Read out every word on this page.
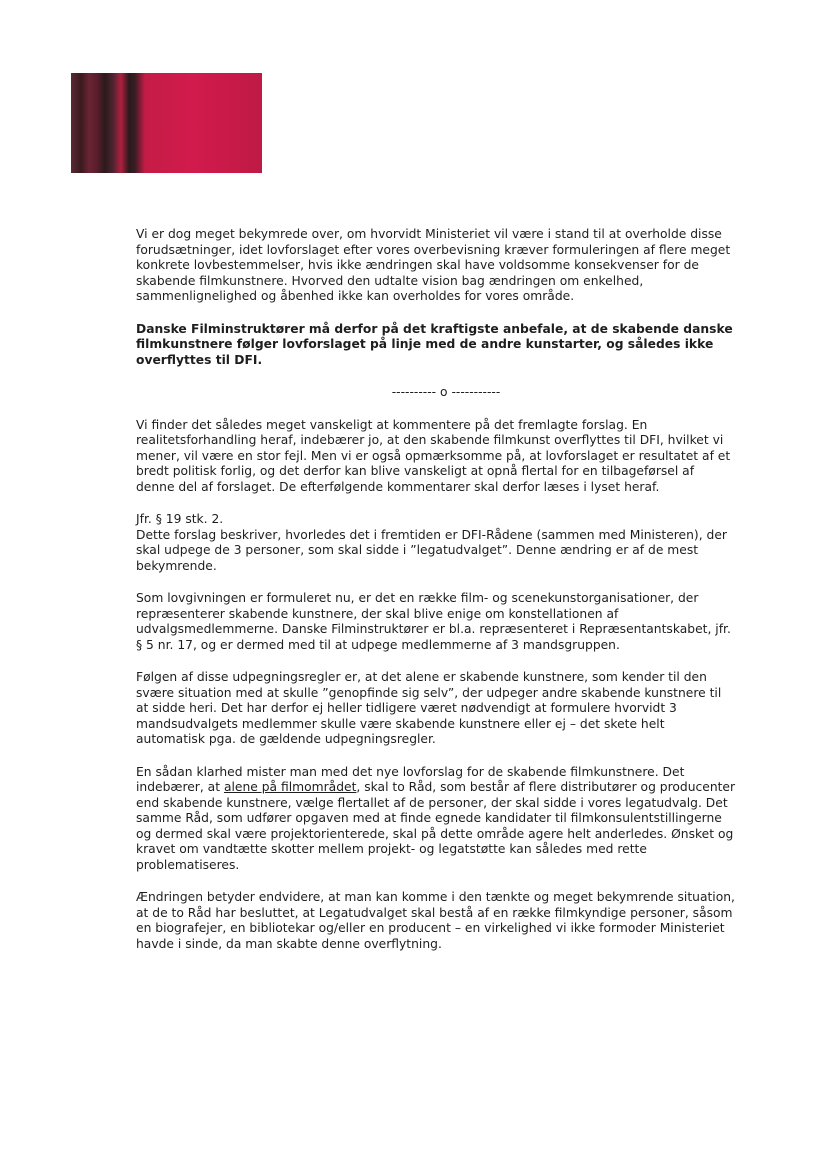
Vi er dog meget bekymrede over, om hvorvidt Ministeriet vil være i stand til at overholde disse forudsætninger, idet lovforslaget efter vores overbevisning kræver formuleringen af flere meget konkrete lovbestemmelser, hvis ikke ændringen skal have voldsomme konsekvenser for de skabende filmkunstnere. Hvorved den udtalte vision bag ændringen om enkelhed, sammenlignelighed og åbenhed ikke kan overholdes for vores område.

Danske Filminstruktører må derfor på det kraftigste anbefale, at de skabende danske filmkunstnere følger lovforslaget på linje med de andre kunstarter, og således ikke overflyttes til DFI.

---------- o -----------

Vi finder det således meget vanskeligt at kommentere på det fremlagte forslag. En realitetsforhandling heraf, indebærer jo, at den skabende filmkunst overflyttes til DFI, hvilket vi mener, vil være en stor fejl. Men vi er også opmærksomme på, at lovforslaget er resultatet af et bredt politisk forlig, og det derfor kan blive vanskeligt at opnå flertal for en tilbageførsel af denne del af forslaget. De efterfølgende kommentarer skal derfor læses i lyset heraf.

Jfr. § 19 stk. 2.

Dette forslag beskriver, hvorledes det i fremtiden er DFI-Rådene (sammen med Ministeren), der skal udpege de 3 personer, som skal sidde i ”legatudvalget”. Denne ændring er af de mest bekymrende.

Som lovgivningen er formuleret nu, er det en række film- og scenekunstorganisationer, der repræsenterer skabende kunstnere, der skal blive enige om konstellationen af udvalgsmedlemmerne. Danske Filminstruktører er bl.a. repræsenteret i Repræsentantskabet, jfr. § 5 nr. 17, og er dermed med til at udpege medlemmerne af 3 mandsgruppen.

Følgen af disse udpegningsregler er, at det alene er skabende kunstnere, som kender til den svære situation med at skulle ”genopfinde sig selv”, der udpeger andre skabende kunstnere til at sidde heri. Det har derfor ej heller tidligere været nødvendigt at formulere hvorvidt 3 mandsudvalgets medlemmer skulle være skabende kunstnere eller ej – det skete helt automatisk pga. de gældende udpegningsregler.

En sådan klarhed mister man med det nye lovforslag for de skabende filmkunstnere. Det indebærer, at alene på filmområdet, skal to Råd, som består af flere distributører og producenter end skabende kunstnere, vælge flertallet af de personer, der skal sidde i vores legatudvalg. Det samme Råd, som udfører opgaven med at finde egnede kandidater til filmkonsulentstillingerne og dermed skal være projektorienterede, skal på dette område agere helt anderledes. Ønsket og kravet om vandtætte skotter mellem projekt- og legatstøtte kan således med rette problematiseres.

Ændringen betyder endvidere, at man kan komme i den tænkte og meget bekymrende situation, at de to Råd har besluttet, at Legatudvalget skal bestå af en række filmkyndige personer, såsom en biografejer, en bibliotekar og/eller en producent – en virkelighed vi ikke formoder Ministeriet havde i sinde, da man skabte denne overflytning.
